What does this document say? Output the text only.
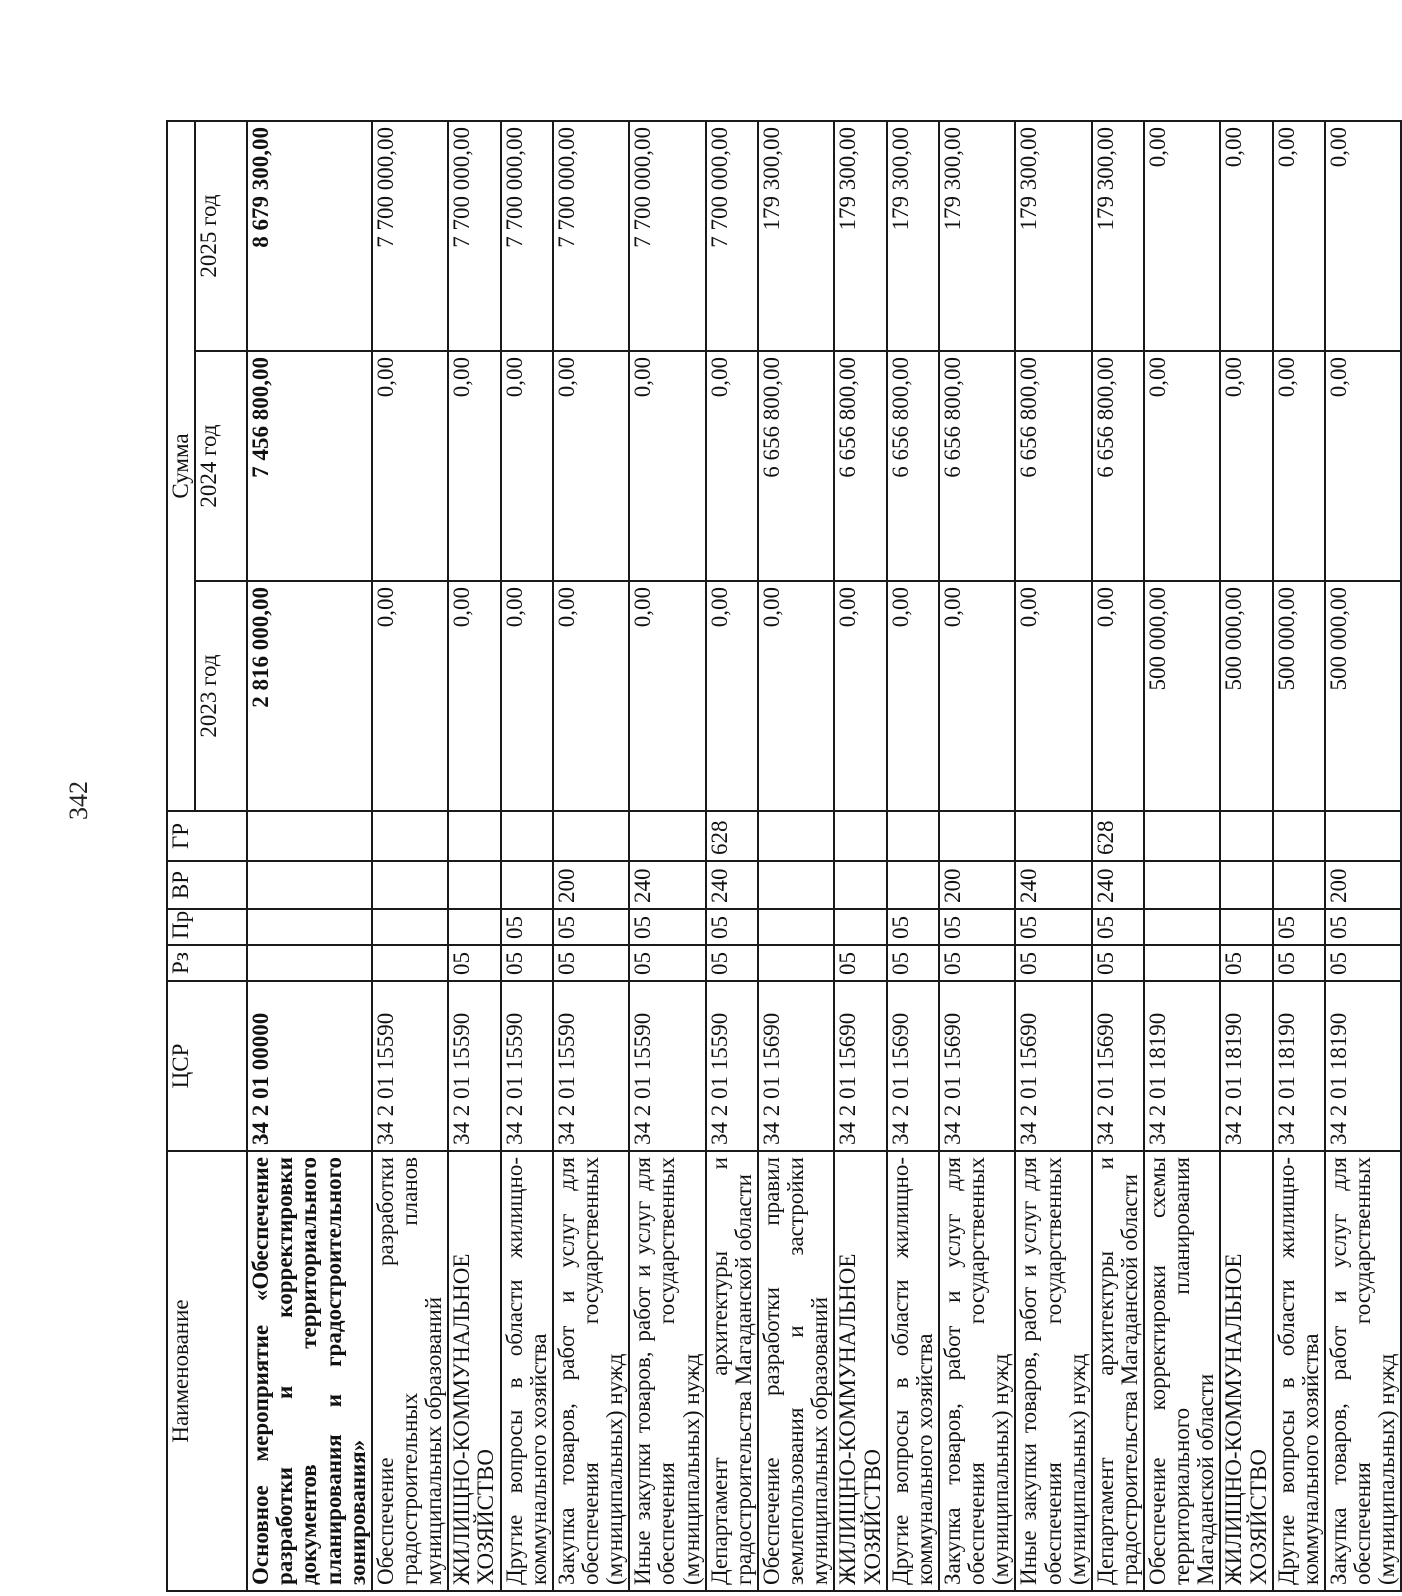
342
Наименование	ЦСР	Рз	Пр	ВР	ГР	Сумма		
						2023 год	2024 год	2025 год
Основное мероприятие «Обеспечение разработки и корректировки документов территориального планирования и градостроительного зонирования»	34 2 01 00000					2 816 000,00	7 456 800,00	8 679 300,00
Обеспечение разработки градостроительных планов муниципальных образований	34 2 01 15590					0,00	0,00	7 700 000,00
ЖИЛИЩНО-КОММУНАЛЬНОЕ ХОЗЯЙСТВО	34 2 01 15590	05				0,00	0,00	7 700 000,00
Другие вопросы в области жилищно-коммунального хозяйства	34 2 01 15590	05	05			0,00	0,00	7 700 000,00
Закупка товаров, работ и услуг для обеспечения государственных (муниципальных) нужд	34 2 01 15590	05	05	200		0,00	0,00	7 700 000,00
Иные закупки товаров, работ и услуг для обеспечения государственных (муниципальных) нужд	34 2 01 15590	05	05	240		0,00	0,00	7 700 000,00
Департамент архитектуры и градостроительства Магаданской области	34 2 01 15590	05	05	240	628	0,00	0,00	7 700 000,00
Обеспечение разработки правил землепользования и застройки муниципальных образований	34 2 01 15690					0,00	6 656 800,00	179 300,00
ЖИЛИЩНО-КОММУНАЛЬНОЕ ХОЗЯЙСТВО	34 2 01 15690	05				0,00	6 656 800,00	179 300,00
Другие вопросы в области жилищно-коммунального хозяйства	34 2 01 15690	05	05			0,00	6 656 800,00	179 300,00
Закупка товаров, работ и услуг для обеспечения государственных (муниципальных) нужд	34 2 01 15690	05	05	200		0,00	6 656 800,00	179 300,00
Иные закупки товаров, работ и услуг для обеспечения государственных (муниципальных) нужд	34 2 01 15690	05	05	240		0,00	6 656 800,00	179 300,00
Департамент архитектуры и градостроительства Магаданской области	34 2 01 15690	05	05	240	628	0,00	6 656 800,00	179 300,00
Обеспечение корректировки схемы территориального планирования Магаданской области	34 2 01 18190					500 000,00	0,00	0,00
ЖИЛИЩНО-КОММУНАЛЬНОЕ ХОЗЯЙСТВО	34 2 01 18190	05				500 000,00	0,00	0,00
Другие вопросы в области жилищно-коммунального хозяйства	34 2 01 18190	05	05			500 000,00	0,00	0,00
Закупка товаров, работ и услуг для обеспечения государственных (муниципальных) нужд	34 2 01 18190	05	05	200		500 000,00	0,00	0,00
